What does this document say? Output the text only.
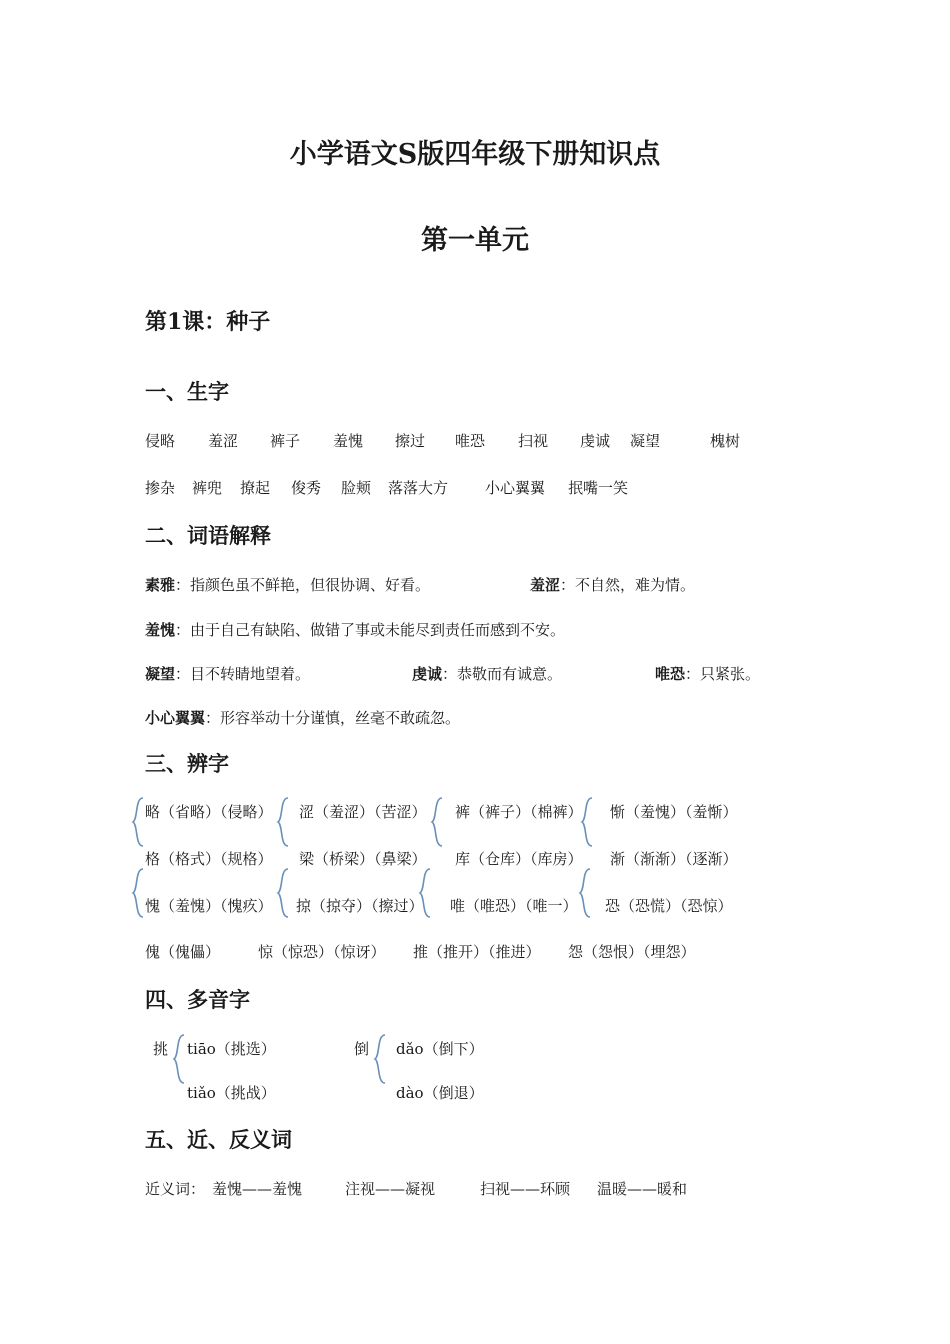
小学语文S版四年级下册知识点
第一单元
第1课：种子
一、生字
侵略 羞涩 裤子 羞愧 擦过 唯恐 扫视 虔诚 凝望	槐树
掺杂 裤兜 撩起 俊秀 脸颊 落落大方 小心翼翼 抿嘴一笑
二、词语解释
素雅：指颜色虽不鲜艳，但很协调、好看。	羞涩：不自然，难为情。
羞愧：由于自己有缺陷、做错了事或未能尽到责任而感到不安。
凝望：目不转睛地望着。	虔诚：恭敬而有诚意。	唯恐：只紧张。
小心翼翼：形容举动十分谨慎，丝毫不敢疏忽。
三、辨字
略（省略）（侵略） 涩（羞涩）（苦涩） 裤（裤子）（棉裤） 惭（羞愧）（羞惭）
格（格式）（规格） 梁（桥梁）（鼻梁） 库（仓库）（库房） 渐（渐渐）（逐渐）
愧（羞愧）（愧疚） 掠（掠夺）（擦过） 唯（唯恐）（唯一） 恐（恐慌）（恐惊）
傀（傀儡）	惊（惊恐）（惊讶） 推（推开）（推进） 怨（怨恨）（埋怨）
四、多音字
挑 tiāo（挑选）
tiǎo（挑战）
倒 dǎo（倒下）
dào（倒退）
五、近、反义词
近义词： 羞愧——羞愧	注视——凝视	扫视——环顾 温暖——暖和
